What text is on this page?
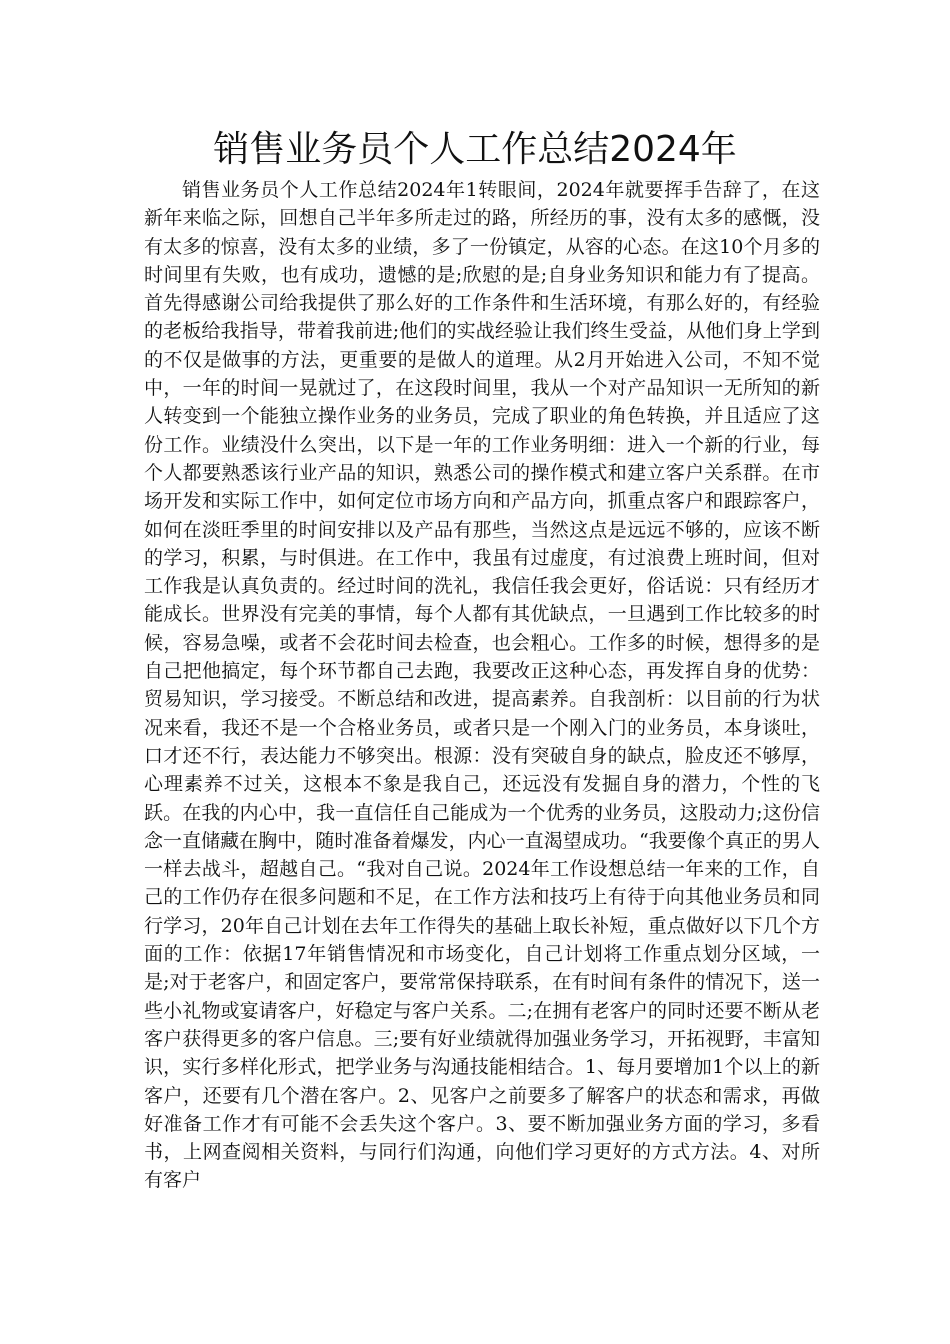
销售业务员个人工作总结2024年

销售业务员个人工作总结2024年1转眼间，2024年就要挥手告辞了，在这新年来临之际，回想自己半年多所走过的路，所经历的事，没有太多的感慨，没有太多的惊喜，没有太多的业绩，多了一份镇定，从容的心态。在这10个月多的时间里有失败，也有成功，遗憾的是;欣慰的是;自身业务知识和能力有了提高。首先得感谢公司给我提供了那么好的工作条件和生活环境，有那么好的，有经验的老板给我指导，带着我前进;他们的实战经验让我们终生受益，从他们身上学到的不仅是做事的方法，更重要的是做人的道理。从2月开始进入公司，不知不觉中，一年的时间一晃就过了，在这段时间里，我从一个对产品知识一无所知的新人转变到一个能独立操作业务的业务员，完成了职业的角色转换，并且适应了这份工作。业绩没什么突出，以下是一年的工作业务明细：进入一个新的行业，每个人都要熟悉该行业产品的知识，熟悉公司的操作模式和建立客户关系群。在市场开发和实际工作中，如何定位市场方向和产品方向，抓重点客户和跟踪客户，如何在淡旺季里的时间安排以及产品有那些，当然这点是远远不够的，应该不断的学习，积累，与时俱进。在工作中，我虽有过虚度，有过浪费上班时间，但对工作我是认真负责的。经过时间的洗礼，我信任我会更好，俗话说：只有经历才能成长。世界没有完美的事情，每个人都有其优缺点，一旦遇到工作比较多的时候，容易急噪，或者不会花时间去检查，也会粗心。工作多的时候，想得多的是自己把他搞定，每个环节都自己去跑，我要改正这种心态，再发挥自身的优势：贸易知识，学习接受。不断总结和改进，提高素养。自我剖析：以目前的行为状况来看，我还不是一个合格业务员，或者只是一个刚入门的业务员，本身谈吐，口才还不行，表达能力不够突出。根源：没有突破自身的缺点，脸皮还不够厚，心理素养不过关，这根本不象是我自己，还远没有发掘自身的潜力，个性的飞跃。在我的内心中，我一直信任自己能成为一个优秀的业务员，这股动力;这份信念一直储藏在胸中，随时准备着爆发，内心一直渴望成功。“我要像个真正的男人一样去战斗，超越自己。“我对自己说。2024年工作设想总结一年来的工作，自己的工作仍存在很多问题和不足，在工作方法和技巧上有待于向其他业务员和同行学习，20年自己计划在去年工作得失的基础上取长补短，重点做好以下几个方面的工作：依据17年销售情况和市场变化，自己计划将工作重点划分区域，一是;对于老客户，和固定客户，要常常保持联系，在有时间有条件的情况下，送一些小礼物或宴请客户，好稳定与客户关系。二;在拥有老客户的同时还要不断从老客户获得更多的客户信息。三;要有好业绩就得加强业务学习，开拓视野，丰富知识，实行多样化形式，把学业务与沟通技能相结合。1、每月要增加1个以上的新客户，还要有几个潜在客户。2、见客户之前要多了解客户的状态和需求，再做好准备工作才有可能不会丢失这个客户。3、要不断加强业务方面的学习，多看书，上网查阅相关资料，与同行们沟通，向他们学习更好的方式方法。4、对所有客户
